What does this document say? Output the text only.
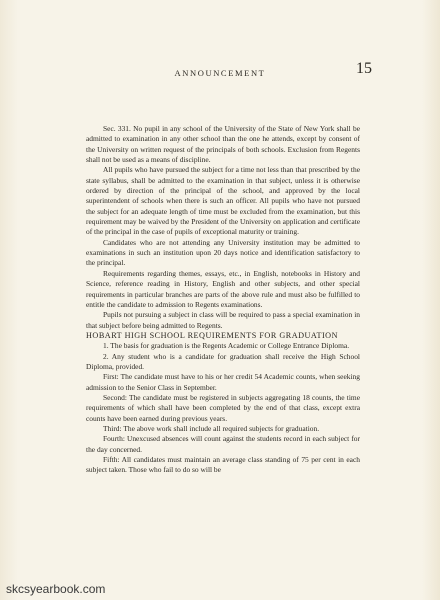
ANNOUNCEMENT	15

Sec. 331. No pupil in any school of the University of the State of New York shall be admitted to examination in any other school than the one he attends, except by consent of the University on written request of the principals of both schools. Exclusion from Regents shall not be used as a means of discipline.

All pupils who have pursued the subject for a time not less than that prescribed by the state syllabus, shall be admitted to the examination in that subject, unless it is otherwise ordered by direction of the principal of the school, and approved by the local superintendent of schools when there is such an officer. All pupils who have not pursued the subject for an adequate length of time must be excluded from the examination, but this requirement may be waived by the President of the University on application and certificate of the principal in the case of pupils of exceptional maturity or training.

Candidates who are not attending any University institution may be admitted to examinations in such an institution upon 20 days notice and identification satisfactory to the principal.

Requirements regarding themes, essays, etc., in English, notebooks in History and Science, reference reading in History, English and other subjects, and other special requirements in particular branches are parts of the above rule and must also be fulfilled to entitle the candidate to admission to Regents examinations.

Pupils not pursuing a subject in class will be required to pass a special examination in that subject before being admitted to Regents.

HOBART HIGH SCHOOL REQUIREMENTS FOR GRADUATION

1. The basis for graduation is the Regents Academic or College Entrance Diploma.

2. Any student who is a candidate for graduation shall receive the High School Diploma, provided.

First: The candidate must have to his or her credit 54 Academic counts, when seeking admission to the Senior Class in September.

Second: The candidate must be registered in subjects aggregating 18 counts, the time requirements of which shall have been completed by the end of that class, except extra counts have been earned during previous years.

Third: The above work shall include all required subjects for graduation.

Fourth: Unexcused absences will count against the students record in each subject for the day concerned.

Fifth: All candidates must maintain an average class standing of 75 per cent in each subject taken. Those who fail to do so will be

skcsyearbook.com
